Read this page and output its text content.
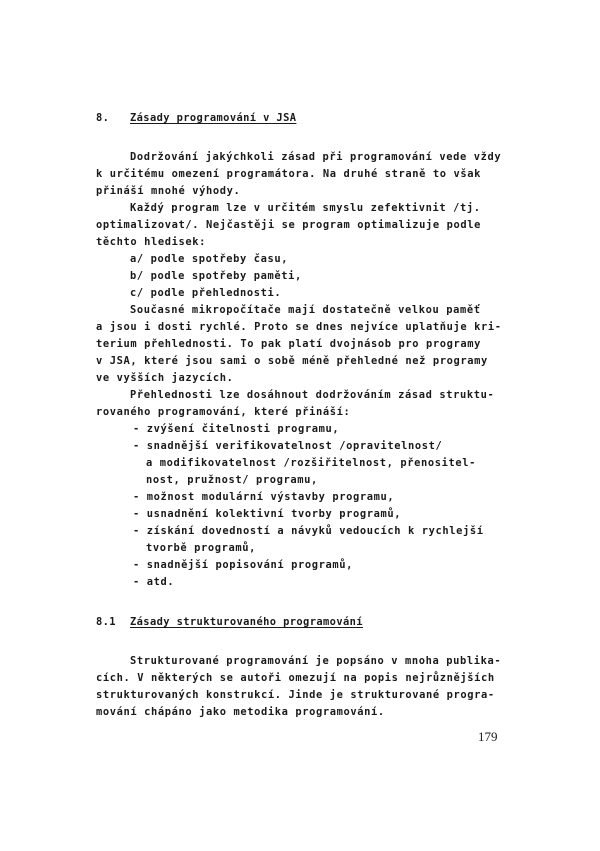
8. Zásady programování v JSA
Dodržování jakýchkoli zásad při programování vede vždy
k určitému omezení programátora. Na druhé straně to však
přináší mnohé výhody.
Každý program lze v určitém smyslu zefektivnit /tj.
optimalizovat/. Nejčastěji se program optimalizuje podle
těchto hledisek:
a/ podle spotřeby času,
b/ podle spotřeby paměti,
c/ podle přehlednosti.
Současné mikropočítače mají dostatečně velkou paměť
a jsou i dosti rychlé. Proto se dnes nejvíce uplatňuje kri-
terium přehlednosti. To pak platí dvojnásob pro programy
v JSA, které jsou sami o sobě méně přehledné než programy
ve vyšších jazycích.
Přehlednosti lze dosáhnout dodržováním zásad struktu-
rovaného programování, které přináší:
- zvýšení čitelnosti programu,
- snadnější verifikovatelnost /opravitelnost/
a modifikovatelnost /rozšiřitelnost, přenositel-
nost, pružnost/ programu,
- možnost modulární výstavby programu,
- usnadnění kolektivní tvorby programů,
- získání dovedností a návyků vedoucích k rychlejší
tvorbě programů,
- snadnější popisování programů,
- atd.
8.1 Zásady strukturovaného programování
Strukturované programování je popsáno v mnoha publika-
cích. V některých se autoři omezují na popis nejrůznějších
strukturovaných konstrukcí. Jinde je strukturované progra-
mování chápáno jako metodika programování.
179
